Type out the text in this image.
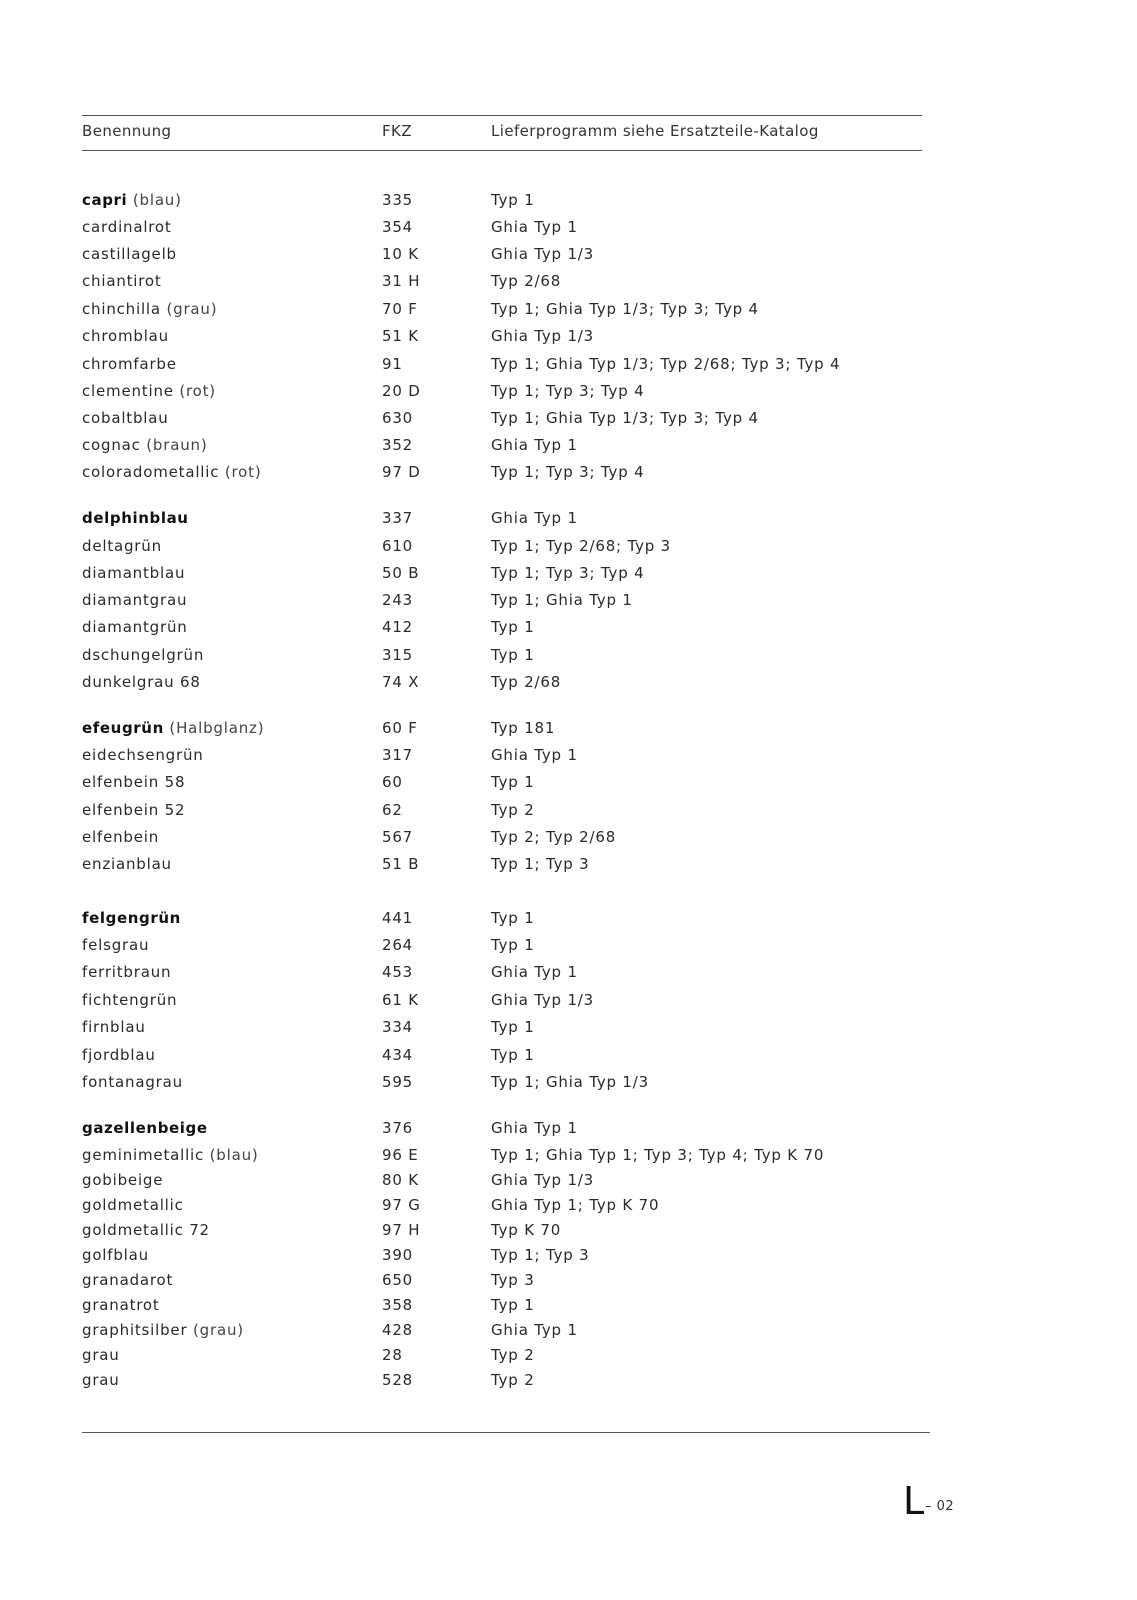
Benennung	FKZ	Lieferprogramm siehe Ersatzteile-Katalog
capri (blau)	335	Typ 1
cardinalrot	354	Ghia Typ 1
castillagelb	10 K	Ghia Typ 1/3
chiantirot	31 H	Typ 2/68
chinchilla (grau)	70 F	Typ 1; Ghia Typ 1/3; Typ 3; Typ 4
chromblau	51 K	Ghia Typ 1/3
chromfarbe	91	Typ 1; Ghia Typ 1/3; Typ 2/68; Typ 3; Typ 4
clementine (rot)	20 D	Typ 1; Typ 3; Typ 4
cobaltblau	630	Typ 1; Ghia Typ 1/3; Typ 3; Typ 4
cognac (braun)	352	Ghia Typ 1
coloradometallic (rot)	97 D	Typ 1; Typ 3; Typ 4
delphinblau	337	Ghia Typ 1
deltagrün	610	Typ 1; Typ 2/68; Typ 3
diamantblau	50 B	Typ 1; Typ 3; Typ 4
diamantgrau	243	Typ 1; Ghia Typ 1
diamantgrün	412	Typ 1
dschungelgrün	315	Typ 1
dunkelgrau 68	74 X	Typ 2/68
efeugrün (Halbglanz)	60 F	Typ 181
eidechsengrün	317	Ghia Typ 1
elfenbein 58	60	Typ 1
elfenbein 52	62	Typ 2
elfenbein	567	Typ 2; Typ 2/68
enzianblau	51 B	Typ 1; Typ 3
felgengrün	441	Typ 1
felsgrau	264	Typ 1
ferritbraun	453	Ghia Typ 1
fichtengrün	61 K	Ghia Typ 1/3
firnblau	334	Typ 1
fjordblau	434	Typ 1
fontanagrau	595	Typ 1; Ghia Typ 1/3
gazellenbeige	376	Ghia Typ 1
geminimetallic (blau)	96 E	Typ 1; Ghia Typ 1; Typ 3; Typ 4; Typ K 70
gobibeige	80 K	Ghia Typ 1/3
goldmetallic	97 G	Ghia Typ 1; Typ K 70
goldmetallic 72	97 H	Typ K 70
golfblau	390	Typ 1; Typ 3
granadarot	650	Typ 3
granatrot	358	Typ 1
graphitsilber (grau)	428	Ghia Typ 1
grau	28	Typ 2
grau	528	Typ 2
L – 02
